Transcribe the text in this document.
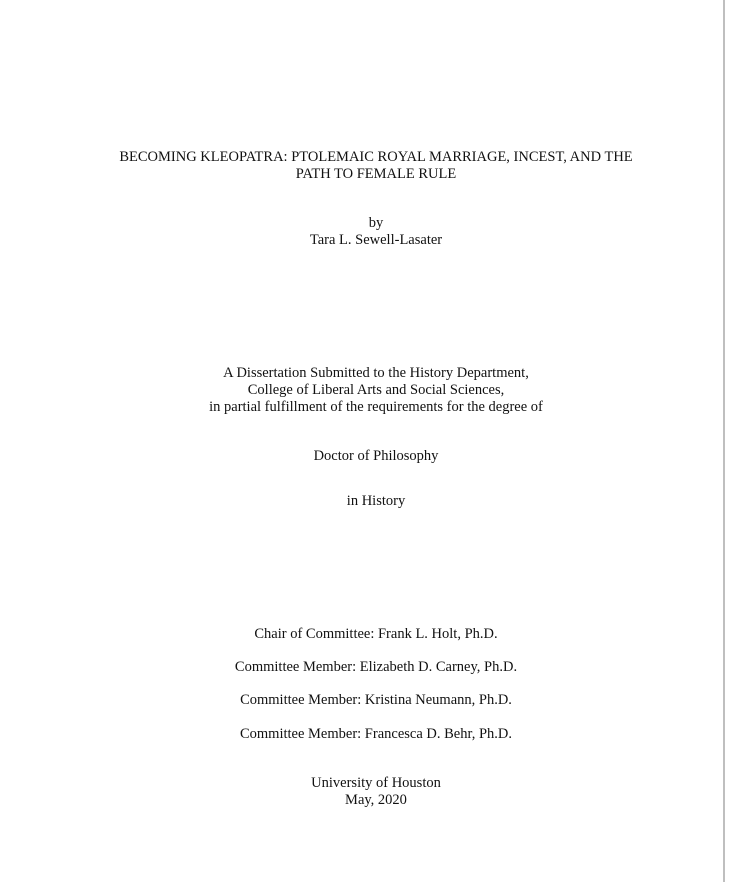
BECOMING KLEOPATRA: PTOLEMAIC ROYAL MARRIAGE, INCEST, AND THE
PATH TO FEMALE RULE
by
Tara L. Sewell-Lasater
A Dissertation Submitted to the History Department,
College of Liberal Arts and Social Sciences,
in partial fulfillment of the requirements for the degree of
Doctor of Philosophy
in History
Chair of Committee: Frank L. Holt, Ph.D.
Committee Member: Elizabeth D. Carney, Ph.D.
Committee Member: Kristina Neumann, Ph.D.
Committee Member: Francesca D. Behr, Ph.D.
University of Houston
May, 2020
